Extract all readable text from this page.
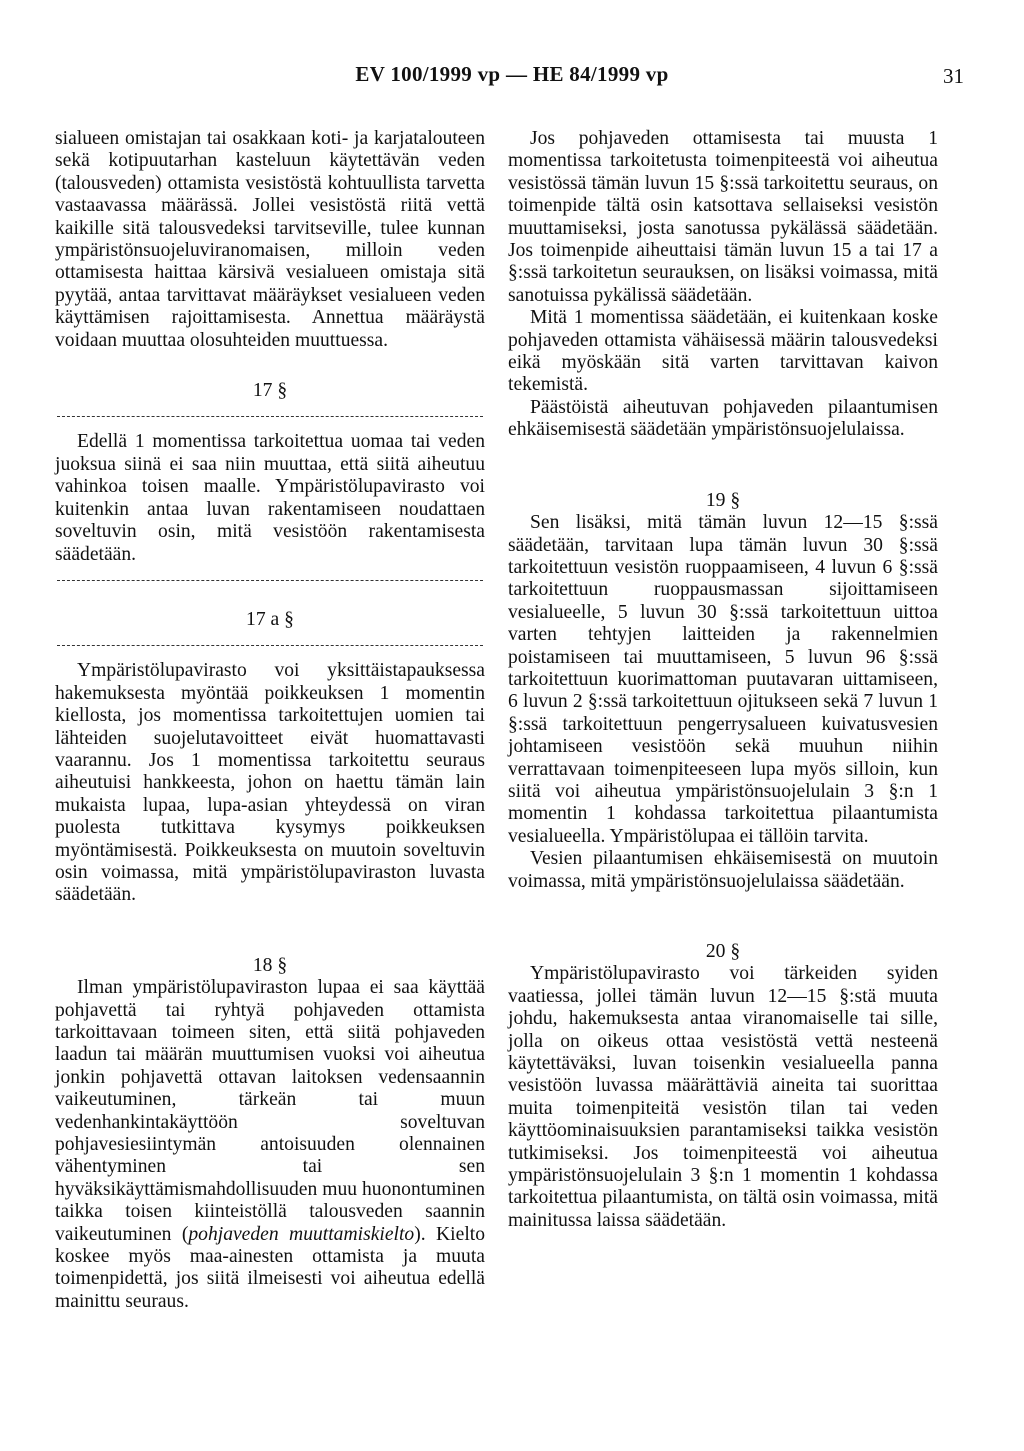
EV 100/1999 vp — HE 84/1999 vp	31

sialueen omistajan tai osakkaan koti- ja karjatalouteen sekä kotipuutarhan kasteluun käytettävän veden (talousveden) ottamista vesistöstä kohtuullista tarvetta vastaavassa määrässä. Jollei vesistöstä riitä vettä kaikille sitä talousvedeksi tarvitseville, tulee kunnan ympäristönsuojeluviranomaisen, milloin veden ottamisesta haittaa kärsivä vesialueen omistaja sitä pyytää, antaa tarvittavat määräykset vesialueen veden käyttämisen rajoittamisesta. Annettua määräystä voidaan muuttaa olosuhteiden muuttuessa.

17 §

Edellä 1 momentissa tarkoitettua uomaa tai veden juoksua siinä ei saa niin muuttaa, että siitä aiheutuu vahinkoa toisen maalle. Ympäristölupavirasto voi kuitenkin antaa luvan rakentamiseen noudattaen soveltuvin osin, mitä vesistöön rakentamisesta säädetään.

17 a §

Ympäristölupavirasto voi yksittäistapauksessa hakemuksesta myöntää poikkeuksen 1 momentin kiellosta, jos momentissa tarkoitettujen uomien tai lähteiden suojelutavoitteet eivät huomattavasti vaarannu. Jos 1 momentissa tarkoitettu seuraus aiheutuisi hankkeesta, johon on haettu tämän lain mukaista lupaa, lupa-asian yhteydessä on viran puolesta tutkittava kysymys poikkeuksen myöntämisestä. Poikkeuksesta on muutoin soveltuvin osin voimassa, mitä ympäristölupaviraston luvasta säädetään.

18 §

Ilman ympäristölupaviraston lupaa ei saa käyttää pohjavettä tai ryhtyä pohjaveden ottamista tarkoittavaan toimeen siten, että siitä pohjaveden laadun tai määrän muuttumisen vuoksi voi aiheutua jonkin pohjavettä ottavan laitoksen vedensaannin vaikeutuminen, tärkeän tai muun vedenhankintakäyttöön soveltuvan pohjavesiesiintymän antoisuuden olennainen vähentyminen tai sen hyväksikäyttämismahdollisuuden muu huonontuminen taikka toisen kiinteistöllä talousveden saannin vaikeutuminen (pohjaveden muuttamiskielto). Kielto koskee myös maa-ainesten ottamista ja muuta toimenpidettä, jos siitä ilmeisesti voi aiheutua edellä mainittu seuraus.

Jos pohjaveden ottamisesta tai muusta 1 momentissa tarkoitetusta toimenpiteestä voi aiheutua vesistössä tämän luvun 15 §:ssä tarkoitettu seuraus, on toimenpide tältä osin katsottava sellaiseksi vesistön muuttamiseksi, josta sanotussa pykälässä säädetään. Jos toimenpide aiheuttaisi tämän luvun 15 a tai 17 a §:ssä tarkoitetun seurauksen, on lisäksi voimassa, mitä sanotuissa pykälissä säädetään.

Mitä 1 momentissa säädetään, ei kuitenkaan koske pohjaveden ottamista vähäisessä määrin talousvedeksi eikä myöskään sitä varten tarvittavan kaivon tekemistä.

Päästöistä aiheutuvan pohjaveden pilaantumisen ehkäisemisestä säädetään ympäristönsuojelulaissa.

19 §

Sen lisäksi, mitä tämän luvun 12—15 §:ssä säädetään, tarvitaan lupa tämän luvun 30 §:ssä tarkoitettuun vesistön ruoppaamiseen, 4 luvun 6 §:ssä tarkoitettuun ruoppausmassan sijoittamiseen vesialueelle, 5 luvun 30 §:ssä tarkoitettuun uittoa varten tehtyjen laitteiden ja rakennelmien poistamiseen tai muuttamiseen, 5 luvun 96 §:ssä tarkoitettuun kuorimattoman puutavaran uittamiseen, 6 luvun 2 §:ssä tarkoitettuun ojitukseen sekä 7 luvun 1 §:ssä tarkoitettuun pengerrysalueen kuivatusvesien johtamiseen vesistöön sekä muuhun niihin verrattavaan toimenpiteeseen lupa myös silloin, kun siitä voi aiheutua ympäristönsuojelulain 3 §:n 1 momentin 1 kohdassa tarkoitettua pilaantumista vesialueella. Ympäristölupaa ei tällöin tarvita.

Vesien pilaantumisen ehkäisemisestä on muutoin voimassa, mitä ympäristönsuojelulaissa säädetään.

20 §

Ympäristölupavirasto voi tärkeiden syiden vaatiessa, jollei tämän luvun 12—15 §:stä muuta johdu, hakemuksesta antaa viranomaiselle tai sille, jolla on oikeus ottaa vesistöstä vettä nesteenä käytettäväksi, luvan toisenkin vesialueella panna vesistöön luvassa määrättäviä aineita tai suorittaa muita toimenpiteitä vesistön tilan tai veden käyttöominaisuuksien parantamiseksi taikka vesistön tutkimiseksi. Jos toimenpiteestä voi aiheutua ympäristönsuojelulain 3 §:n 1 momentin 1 kohdassa tarkoitettua pilaantumista, on tältä osin voimassa, mitä mainitussa laissa säädetään.
